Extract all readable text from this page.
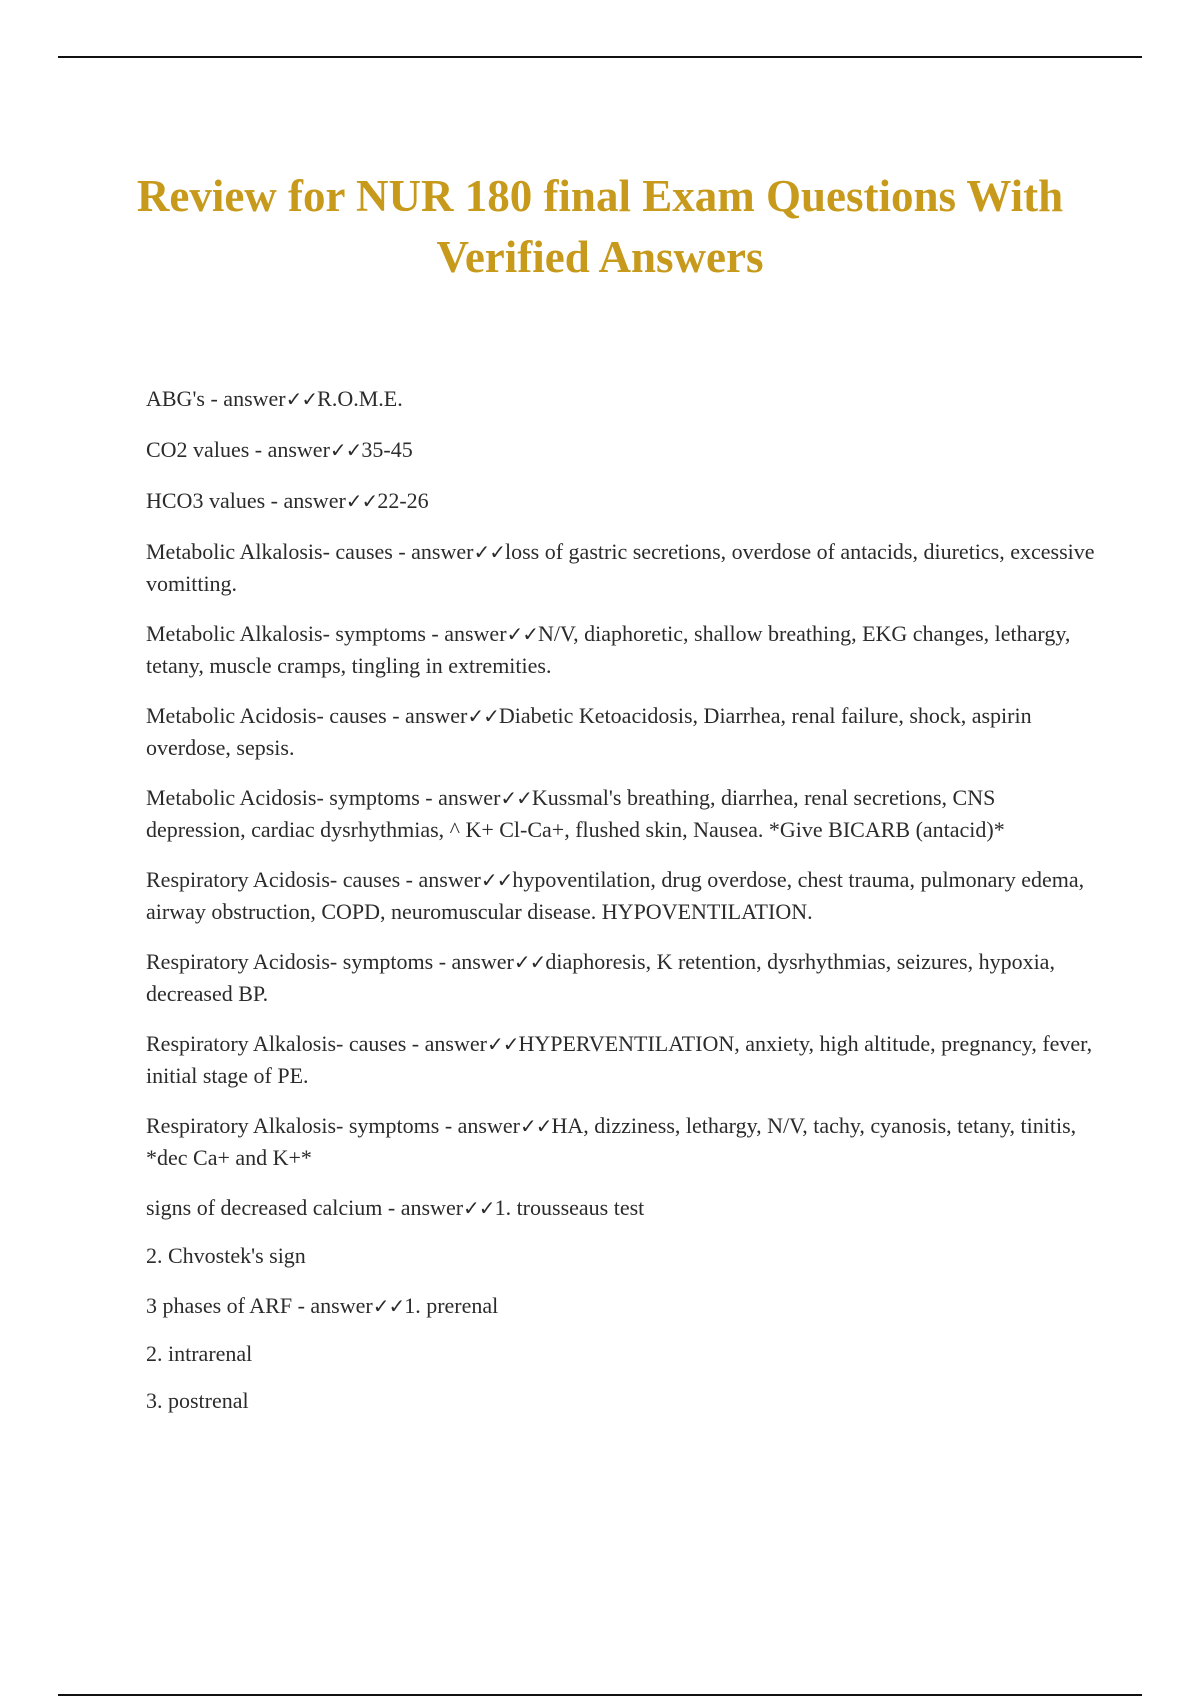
Review for NUR 180 final Exam Questions With Verified Answers

ABG's - answer✓✓R.O.M.E.

CO2 values - answer✓✓35-45

HCO3 values - answer✓✓22-26

Metabolic Alkalosis- causes - answer✓✓loss of gastric secretions, overdose of antacids, diuretics, excessive vomitting.

Metabolic Alkalosis- symptoms - answer✓✓N/V, diaphoretic, shallow breathing, EKG changes, lethargy, tetany, muscle cramps, tingling in extremities.

Metabolic Acidosis- causes - answer✓✓Diabetic Ketoacidosis, Diarrhea, renal failure, shock, aspirin overdose, sepsis.

Metabolic Acidosis- symptoms - answer✓✓Kussmal's breathing, diarrhea, renal secretions, CNS depression, cardiac dysrhythmias, ^ K+ Cl-Ca+, flushed skin, Nausea. *Give BICARB (antacid)*

Respiratory Acidosis- causes - answer✓✓hypoventilation, drug overdose, chest trauma, pulmonary edema, airway obstruction, COPD, neuromuscular disease. HYPOVENTILATION.

Respiratory Acidosis- symptoms - answer✓✓diaphoresis, K retention, dysrhythmias, seizures, hypoxia, decreased BP.

Respiratory Alkalosis- causes - answer✓✓HYPERVENTILATION, anxiety, high altitude, pregnancy, fever, initial stage of PE.

Respiratory Alkalosis- symptoms - answer✓✓HA, dizziness, lethargy, N/V, tachy, cyanosis, tetany, tinitis, *dec Ca+ and K+*

signs of decreased calcium - answer✓✓1. trousseaus test

2. Chvostek's sign

3 phases of ARF - answer✓✓1. prerenal

2. intrarenal

3. postrenal
